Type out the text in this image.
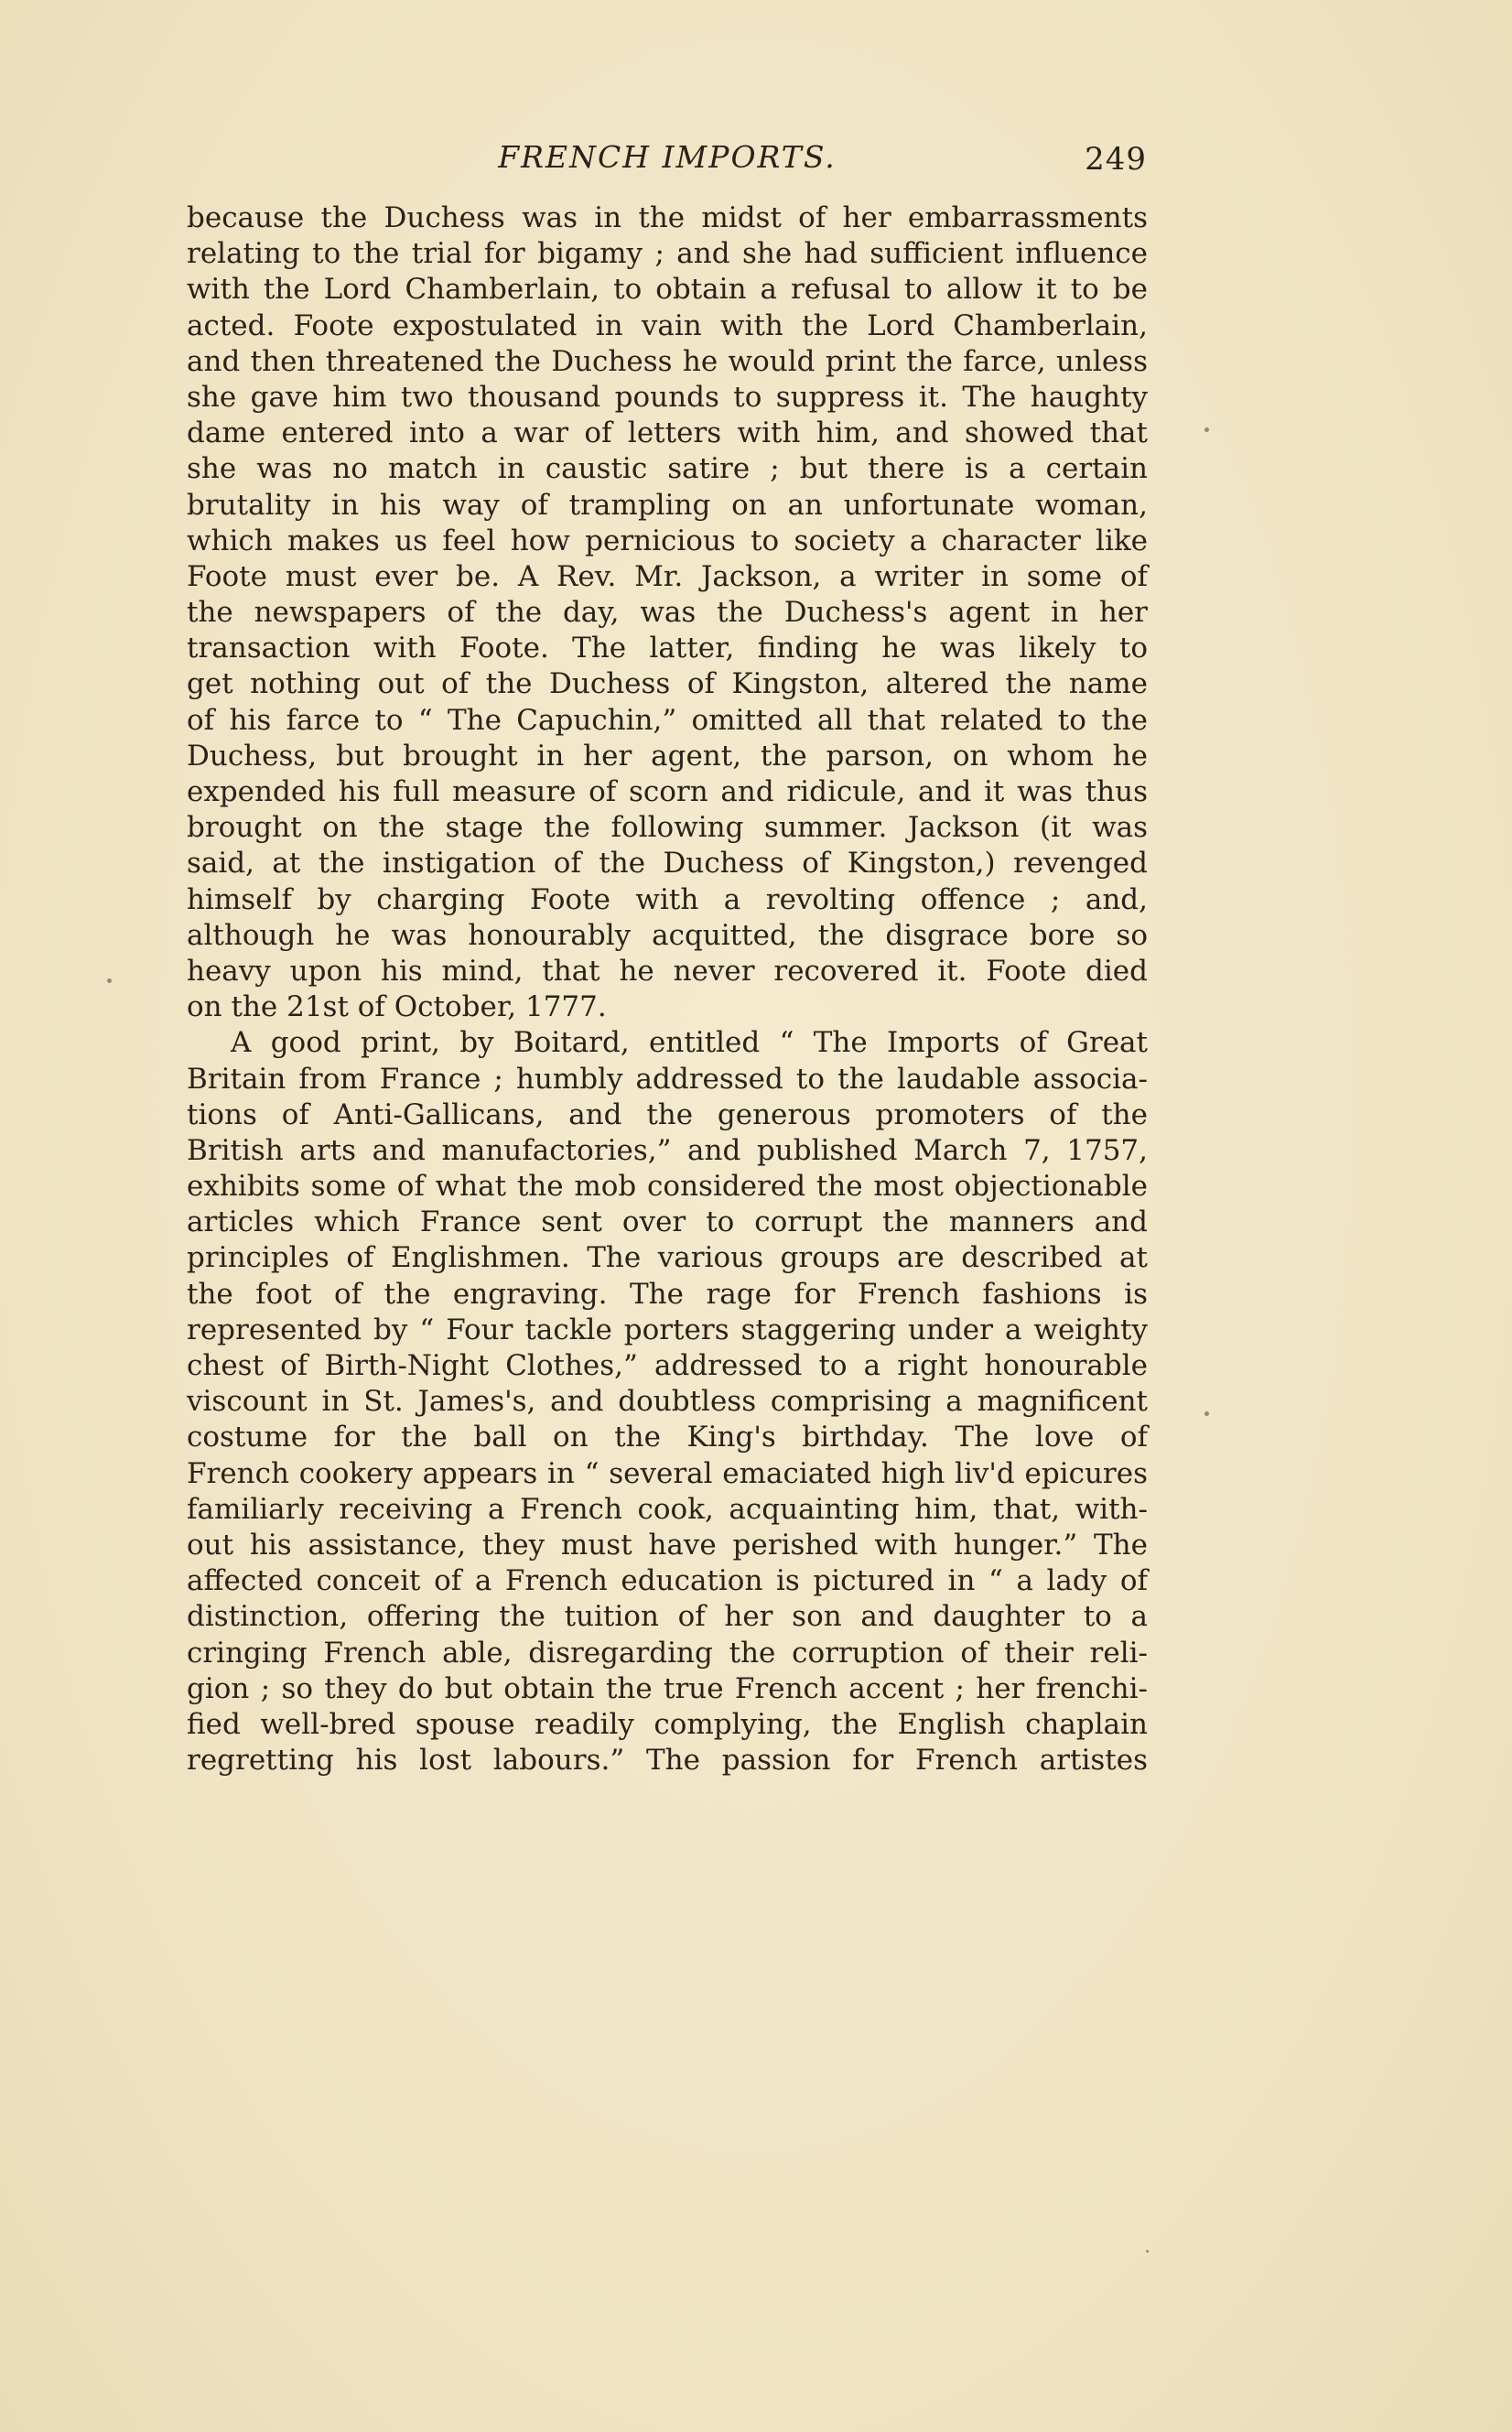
FRENCH IMPORTS.	249
because the Duchess was in the midst of her embarrassments
relating to the trial for bigamy ; and she had sufficient influence
with the Lord Chamberlain, to obtain a refusal to allow it to be
acted. Foote expostulated in vain with the Lord Chamberlain,
and then threatened the Duchess he would print the farce, unless
she gave him two thousand pounds to suppress it. The haughty
dame entered into a war of letters with him, and showed that
she was no match in caustic satire ; but there is a certain
brutality in his way of trampling on an unfortunate woman,
which makes us feel how pernicious to society a character like
Foote must ever be. A Rev. Mr. Jackson, a writer in some of
the newspapers of the day, was the Duchess's agent in her
transaction with Foote. The latter, finding he was likely to
get nothing out of the Duchess of Kingston, altered the name
of his farce to “ The Capuchin,” omitted all that related to the
Duchess, but brought in her agent, the parson, on whom he
expended his full measure of scorn and ridicule, and it was thus
brought on the stage the following summer. Jackson (it was
said, at the instigation of the Duchess of Kingston,) revenged
himself by charging Foote with a revolting offence ; and,
although he was honourably acquitted, the disgrace bore so
heavy upon his mind, that he never recovered it. Foote died
on the 21st of October, 1777.
A good print, by Boitard, entitled “ The Imports of Great
Britain from France ; humbly addressed to the laudable associa-
tions of Anti-Gallicans, and the generous promoters of the
British arts and manufactories,” and published March 7, 1757,
exhibits some of what the mob considered the most objectionable
articles which France sent over to corrupt the manners and
principles of Englishmen. The various groups are described at
the foot of the engraving. The rage for French fashions is
represented by “ Four tackle porters staggering under a weighty
chest of Birth-Night Clothes,” addressed to a right honourable
viscount in St. James's, and doubtless comprising a magnificent
costume for the ball on the King's birthday. The love of
French cookery appears in “ several emaciated high liv'd epicures
familiarly receiving a French cook, acquainting him, that, with-
out his assistance, they must have perished with hunger.” The
affected conceit of a French education is pictured in “ a lady of
distinction, offering the tuition of her son and daughter to a
cringing French able, disregarding the corruption of their reli-
gion ; so they do but obtain the true French accent ; her frenchi-
fied well-bred spouse readily complying, the English chaplain
regretting his lost labours.” The passion for French artistes
